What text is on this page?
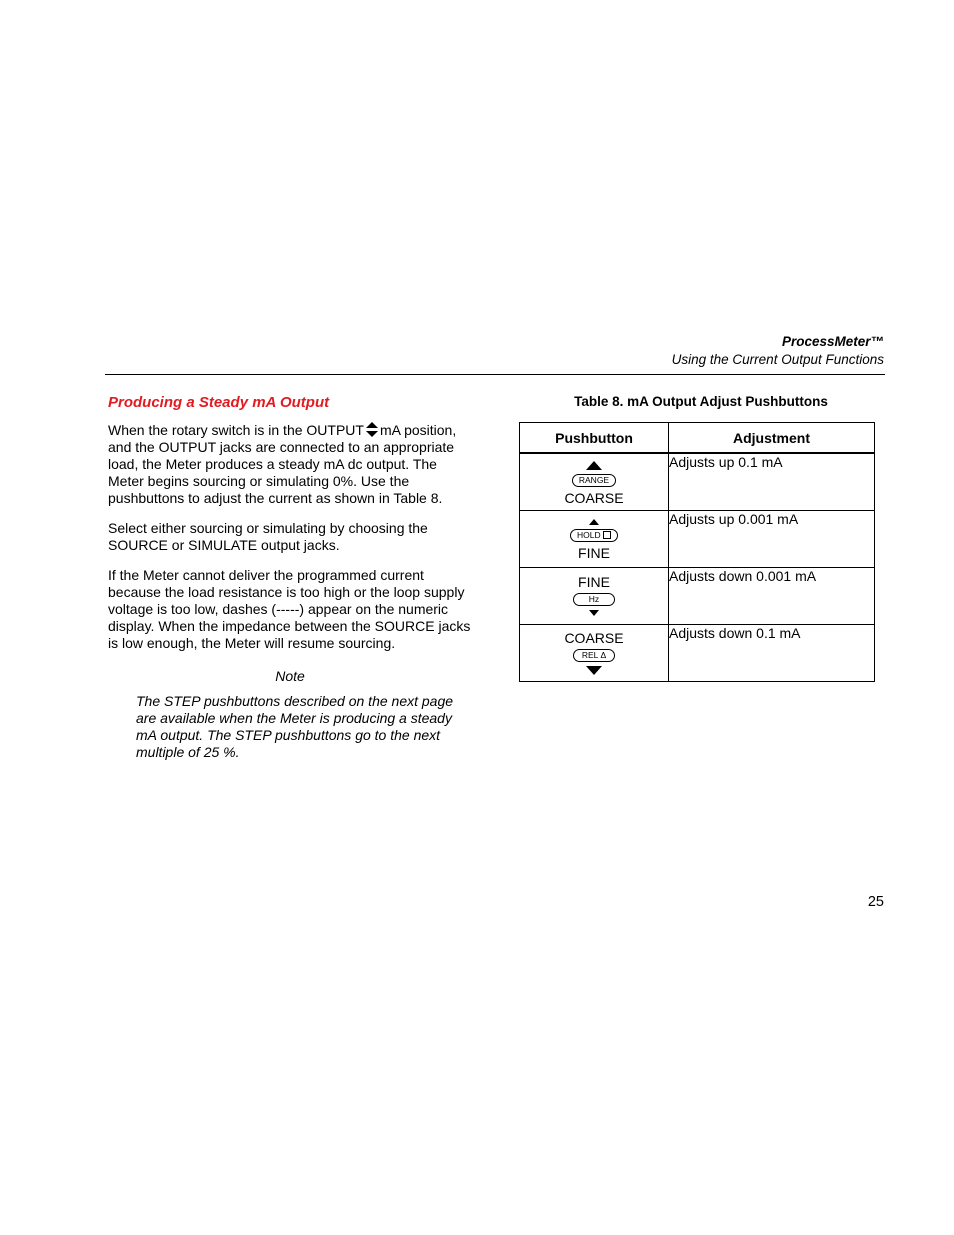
ProcessMeter™
Using the Current Output Functions
Producing a Steady mA Output

When the rotary switch is in the OUTPUT mA position, and the OUTPUT jacks are connected to an appropriate load, the Meter produces a steady mA dc output. The Meter begins sourcing or simulating 0%. Use the pushbuttons to adjust the current as shown in Table 8.

Select either sourcing or simulating by choosing the SOURCE or SIMULATE output jacks.

If the Meter cannot deliver the programmed current because the load resistance is too high or the loop supply voltage is too low, dashes (-----) appear on the numeric display. When the impedance between the SOURCE jacks is low enough, the Meter will resume sourcing.

Note
The STEP pushbuttons described on the next page are available when the Meter is producing a steady mA output. The STEP pushbuttons go to the next multiple of 25 %.
Table 8. mA Output Adjust Pushbuttons
Pushbutton	Adjustment

RANGE
COARSE	Adjusts up 0.1 mA

HOLD
FINE	Adjusts up 0.001 mA

FINE
Hz	Adjusts down 0.001 mA

COARSE
REL Δ	Adjusts down 0.1 mA
25
